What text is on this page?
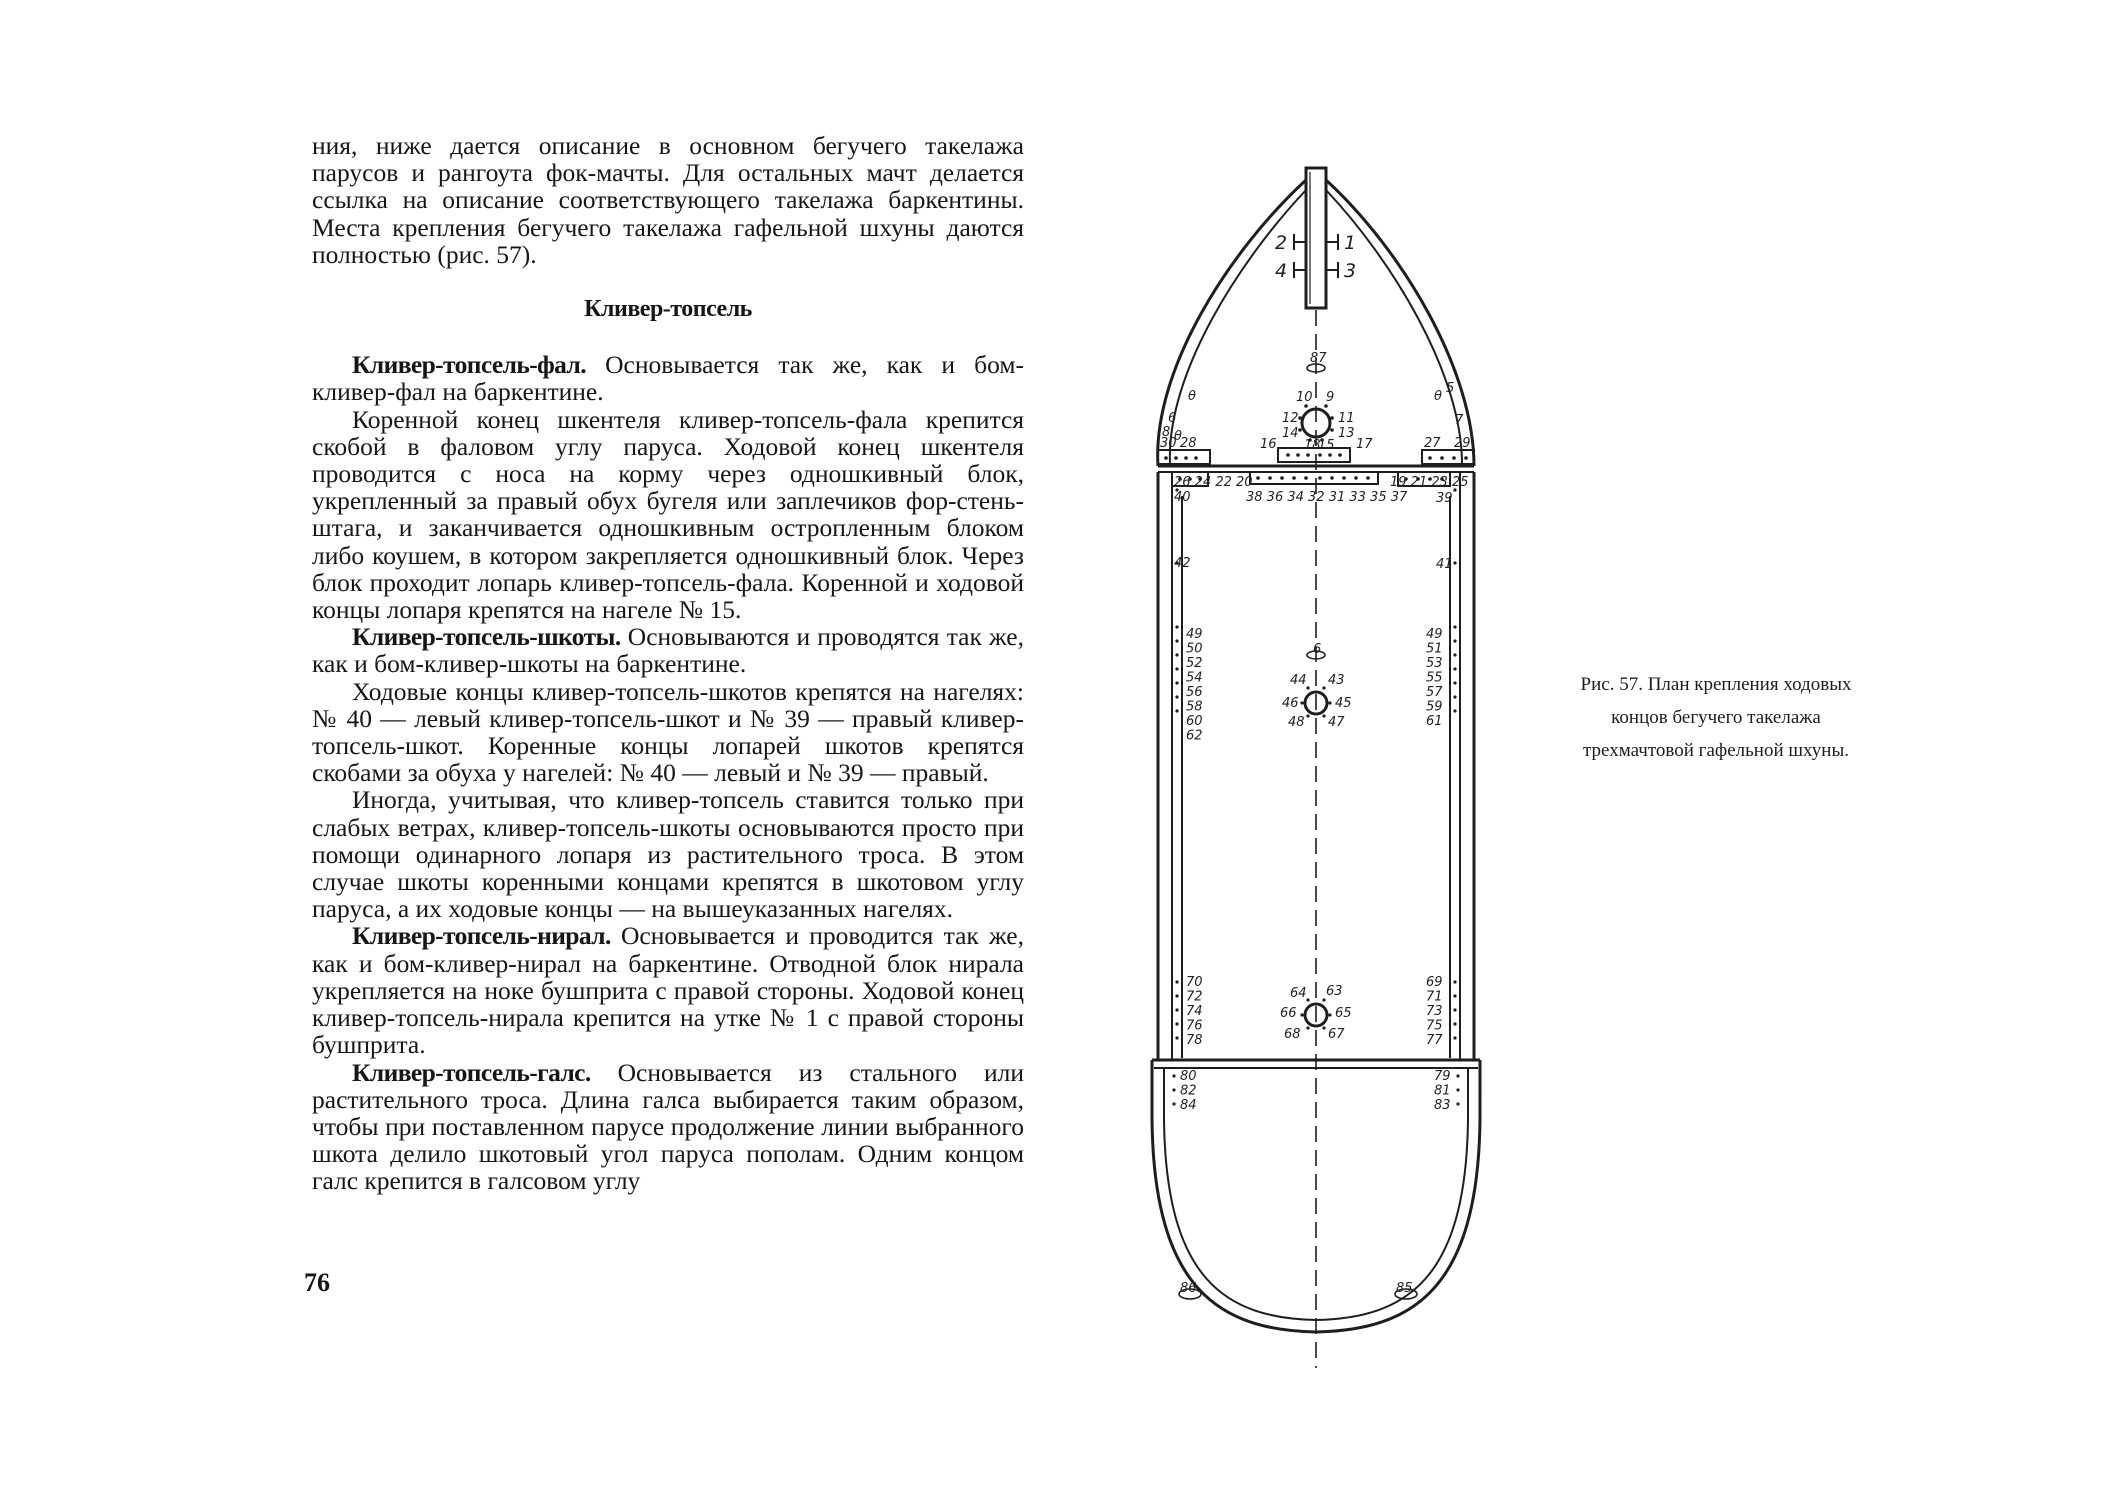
ния, ниже дается описание в основном бегучего такелажа парусов и рангоута фок-мачты. Для остальных мачт делается ссылка на описание соответствующего такелажа баркентины. Места крепления бегучего такелажа гафельной шхуны даются полностью (рис. 57).

Кливер-топсель

Кливер-топсель-фал. Основывается так же, как и бом-кливер-фал на баркентине.

Коренной конец шкентеля кливер-топсель-фала крепится скобой в фаловом углу паруса. Ходовой конец шкентеля проводится с носа на корму через одношкивный блок, укрепленный за правый обух бугеля или заплечиков фор-стень-штага, и заканчивается одношкивным остропленным блоком либо коушем, в котором закрепляется одношкивный блок. Через блок проходит лопарь кливер-топсель-фала. Коренной и ходовой концы лопаря крепятся на нагеле № 15.

Кливер-топсель-шкоты. Основываются и проводятся так же, как и бом-кливер-шкоты на баркентине.

Ходовые концы кливер-топсель-шкотов крепятся на нагелях: № 40 — левый кливер-топсель-шкот и № 39 — правый кливер-топсель-шкот. Коренные концы лопарей шкотов крепятся скобами за обуха у нагелей: № 40 — левый и № 39 — правый.

Иногда, учитывая, что кливер-топсель ставится только при слабых ветрах, кливер-топсель-шкоты основываются просто при помощи одинарного лопаря из растительного троса. В этом случае шкоты коренными концами крепятся в шкотовом углу паруса, а их ходовые концы — на вышеуказанных нагелях.

Кливер-топсель-нирал. Основывается и проводится так же, как и бом-кливер-нирал на баркентине. Отводной блок нирала укрепляется на ноке бушприта с правой стороны. Ходовой конец кливер-топсель-нирала крепится на утке № 1 с правой стороны бушприта.

Кливер-топсель-галс. Основывается из стального или растительного троса. Длина галса выбирается таким образом, чтобы при поставленном парусе продолжение линии выбранного шкота делило шкотовый угол паруса пополам. Одним концом галс крепится в галсовом углу

76
2	1
4	3
87
10 9
12	11
14	13
16 18
15 17
6
θ
5
θ
8 θ
7
30 28	27 29
26 24 22 20	19 21 23 25
38 36 34 32 31 33 35 37
40	39
42	41
6
44 43
46	45
48 47
64 63
66	65
68 67
49
50
52
54
56
58
60
62
49
51
53
55
57
59
61
70
72
74
76
78
69
71
73
75
77
80
82
84
79
81
83
86	85
Рис. 57. План крепления ходовых концов бегучего такелажа трехмачтовой гафельной шхуны.
